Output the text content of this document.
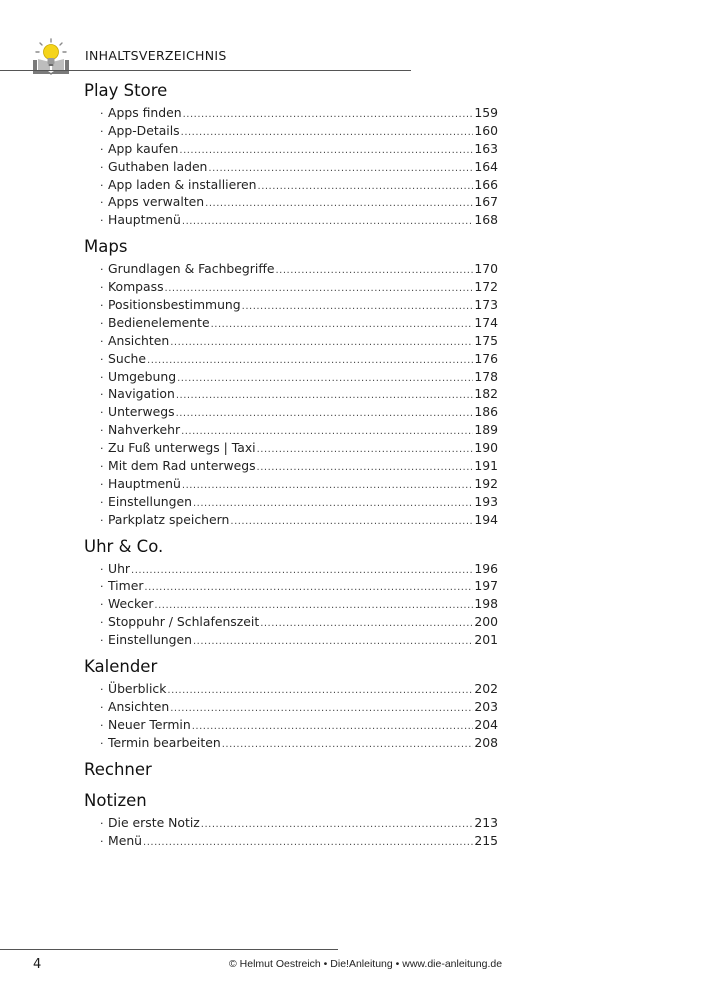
INHALTSVERZEICHNIS
Play Store
· Apps finden .....	159
· App-Details .....	160
· App kaufen .....	163
· Guthaben laden .....	164
· App laden & installieren .....	166
· Apps verwalten .....	167
· Hauptmenü .....	168
Maps
· Grundlagen & Fachbegriffe .....	170
· Kompass .....	172
· Positionsbestimmung .....	173
· Bedienelemente .....	174
· Ansichten .....	175
· Suche .....	176
· Umgebung .....	178
· Navigation .....	182
· Unterwegs .....	186
· Nahverkehr .....	189
· Zu Fuß unterwegs | Taxi .....	190
· Mit dem Rad unterwegs .....	191
· Hauptmenü .....	192
· Einstellungen .....	193
· Parkplatz speichern .....	194
Uhr & Co.
· Uhr .....	196
· Timer .....	197
· Wecker .....	198
· Stoppuhr / Schlafenszeit .....	200
· Einstellungen .....	201
Kalender
· Überblick .....	202
· Ansichten .....	203
· Neuer Termin .....	204
· Termin bearbeiten .....	208
Rechner
Notizen
· Die erste Notiz .....	213
· Menü .....	215
4	© Helmut Oestreich • Die!Anleitung • www.die-anleitung.de
